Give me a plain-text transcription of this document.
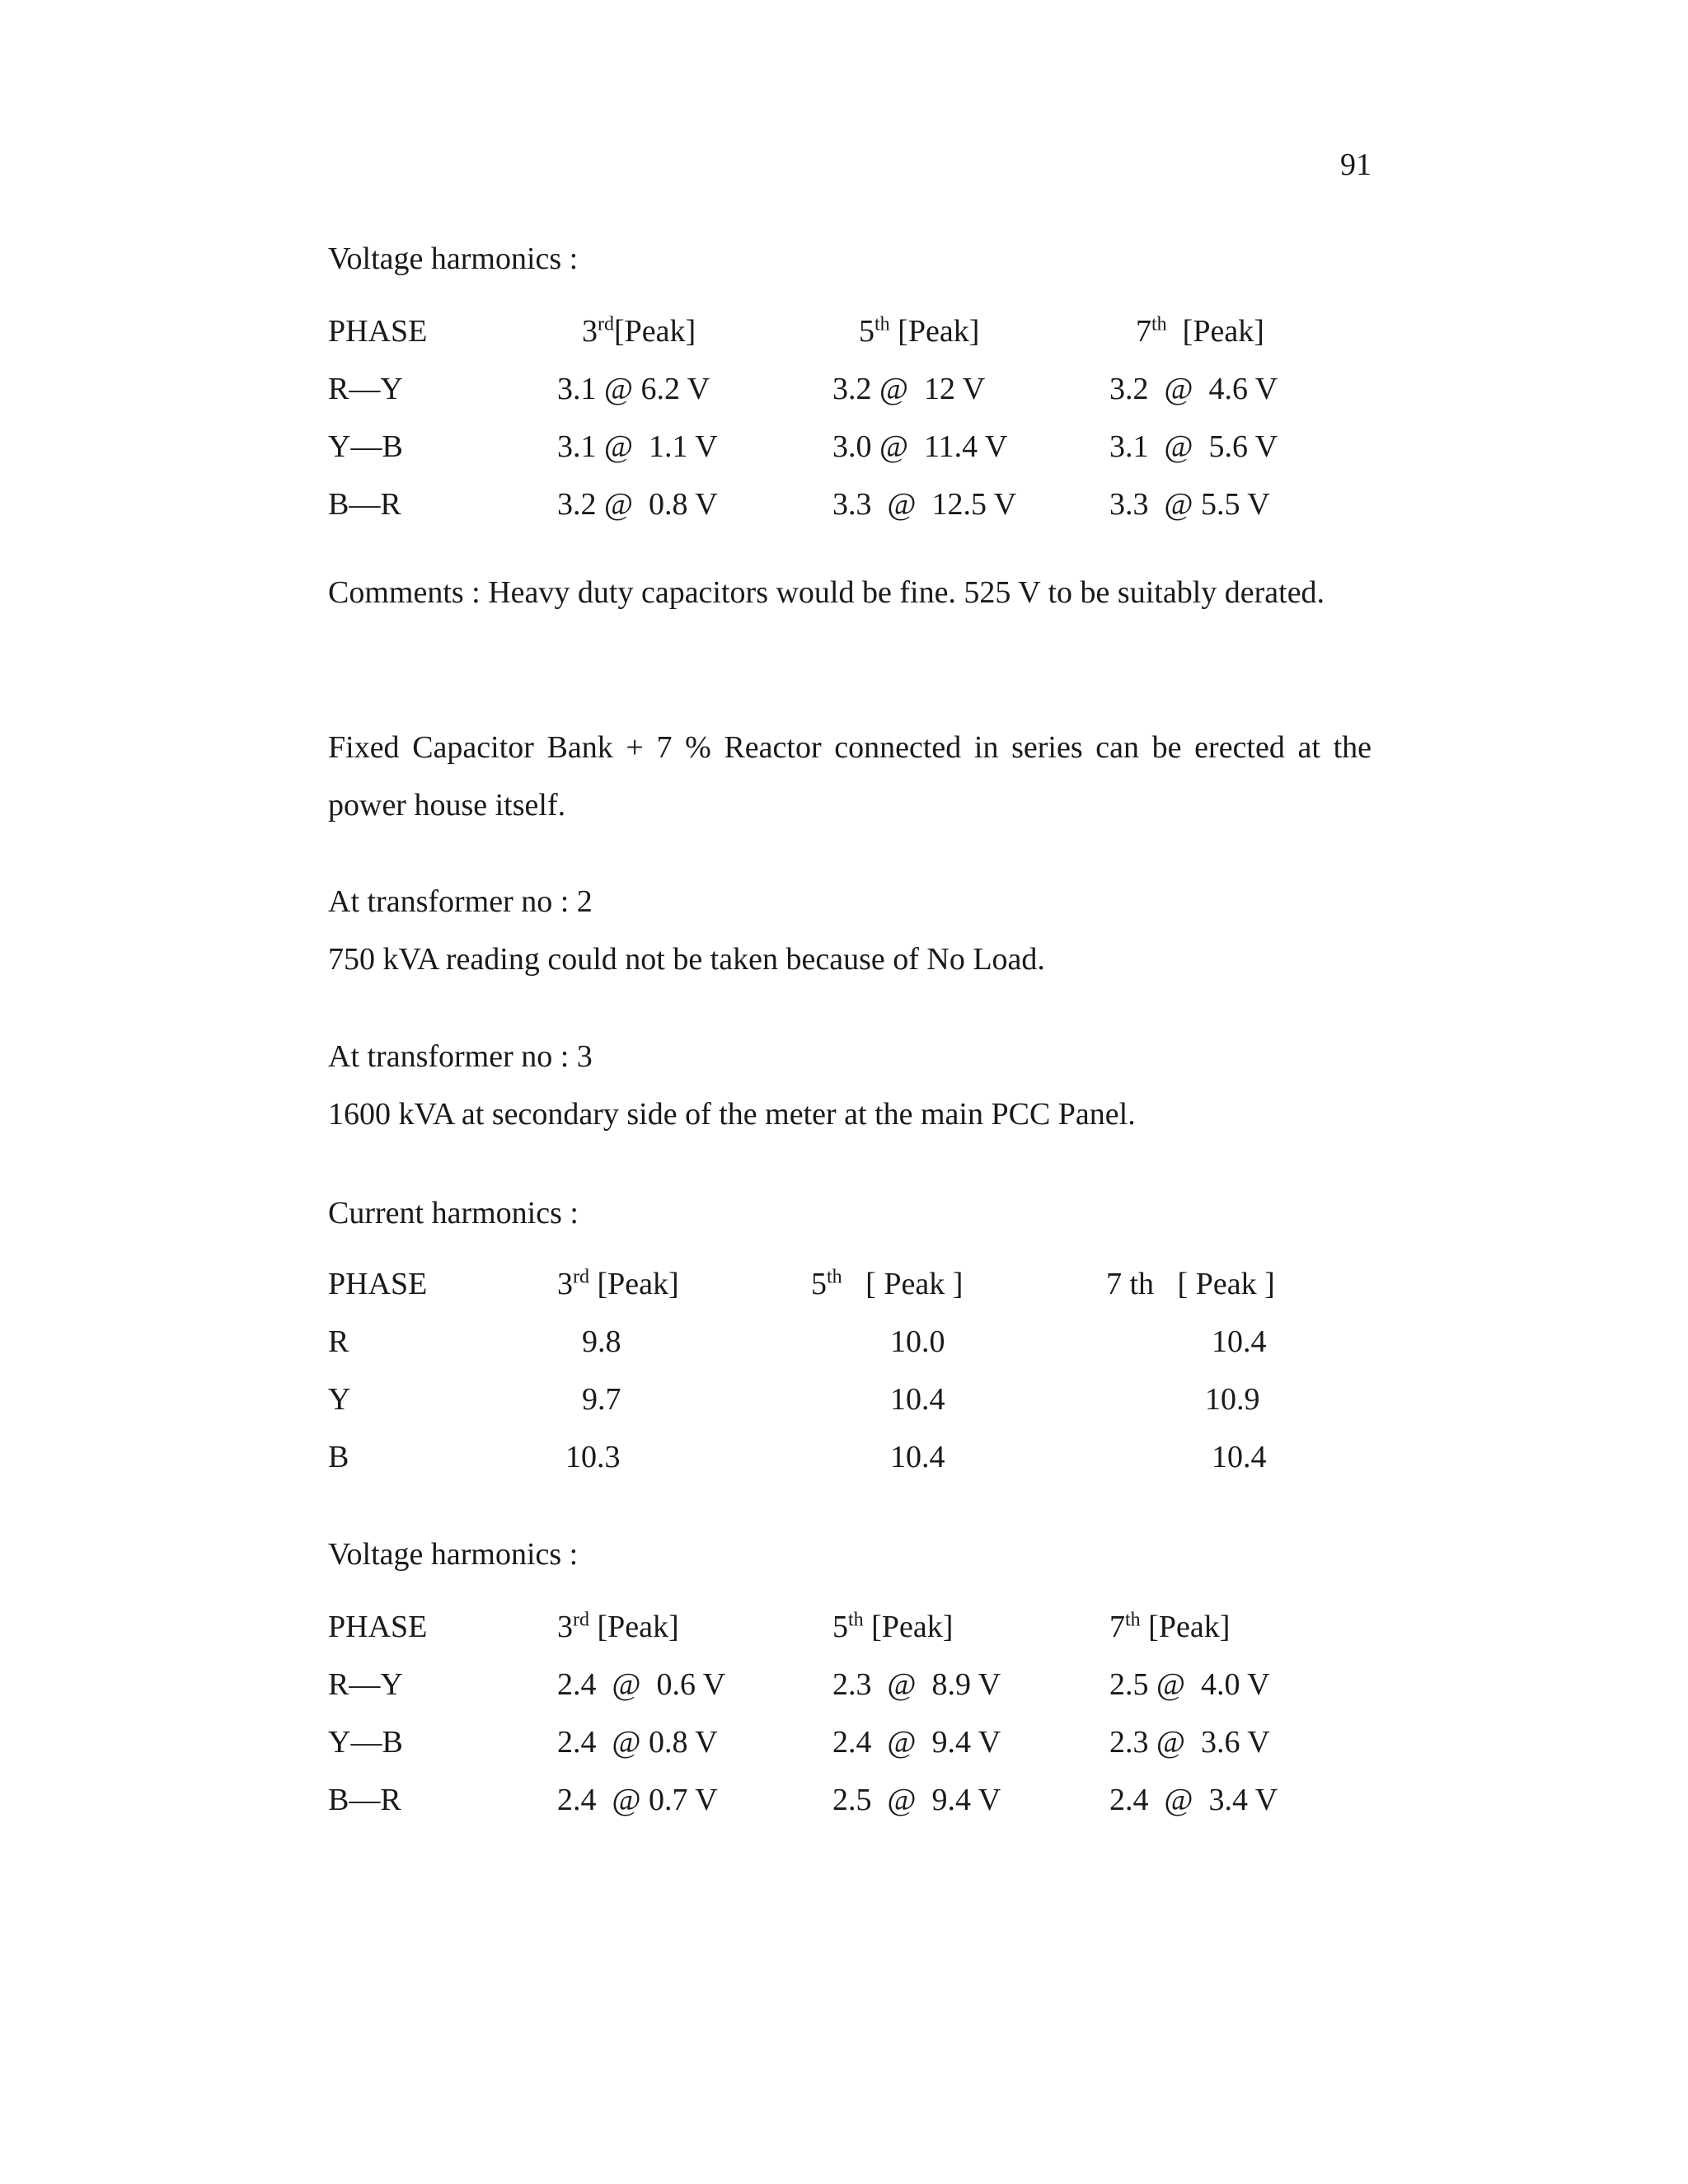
91
Voltage harmonics :
PHASE	3rd[Peak]	5th [Peak]	7th  [Peak]
R—Y	3.1 @ 6.2 V	3.2 @  12 V	3.2  @  4.6 V
Y—B	3.1 @  1.1 V	3.0 @  11.4 V	3.1  @  5.6 V
B—R	3.2 @  0.8 V	3.3  @  12.5 V	3.3  @ 5.5 V
Comments : Heavy duty capacitors would be fine. 525 V to be suitably derated.
Fixed Capacitor Bank + 7 % Reactor connected in series can be erected at the power house itself.
At transformer no : 2
750 kVA reading could not be taken because of No Load.
At transformer no : 3
1600 kVA at secondary side of the meter at the main PCC Panel.
Current harmonics :
PHASE	3rd [Peak]	5th   [ Peak ]	7 th   [ Peak ]
R	9.8	10.0	10.4
Y	9.7	10.4	10.9
B	10.3	10.4	10.4
Voltage harmonics :
PHASE	3rd [Peak]	5th [Peak]	7th [Peak]
R—Y	2.4  @  0.6 V	2.3  @  8.9 V	2.5 @  4.0 V
Y—B	2.4  @ 0.8 V	2.4  @  9.4 V	2.3 @  3.6 V
B—R	2.4  @ 0.7 V	2.5  @  9.4 V	2.4  @  3.4 V
